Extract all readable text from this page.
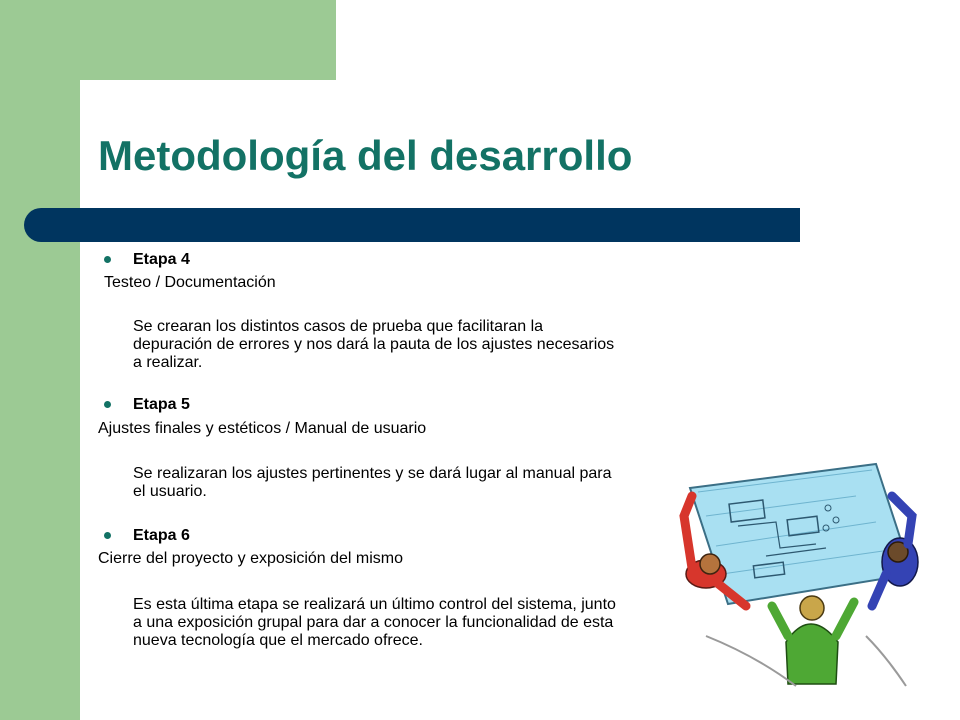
Metodología del desarrollo
Etapa 4
Testeo / Documentación
Se crearan los distintos casos de prueba que facilitaran la
depuración de errores y nos dará la pauta de los ajustes necesarios
a realizar.
Etapa 5
Ajustes finales y estéticos / Manual de usuario
Se realizaran los ajustes pertinentes y se dará lugar al manual para
el usuario.
Etapa 6
Cierre del proyecto y exposición del mismo
Es esta última etapa se realizará un último control del sistema, junto
a una exposición grupal para dar a conocer la funcionalidad de esta
nueva tecnología que el mercado ofrece.
